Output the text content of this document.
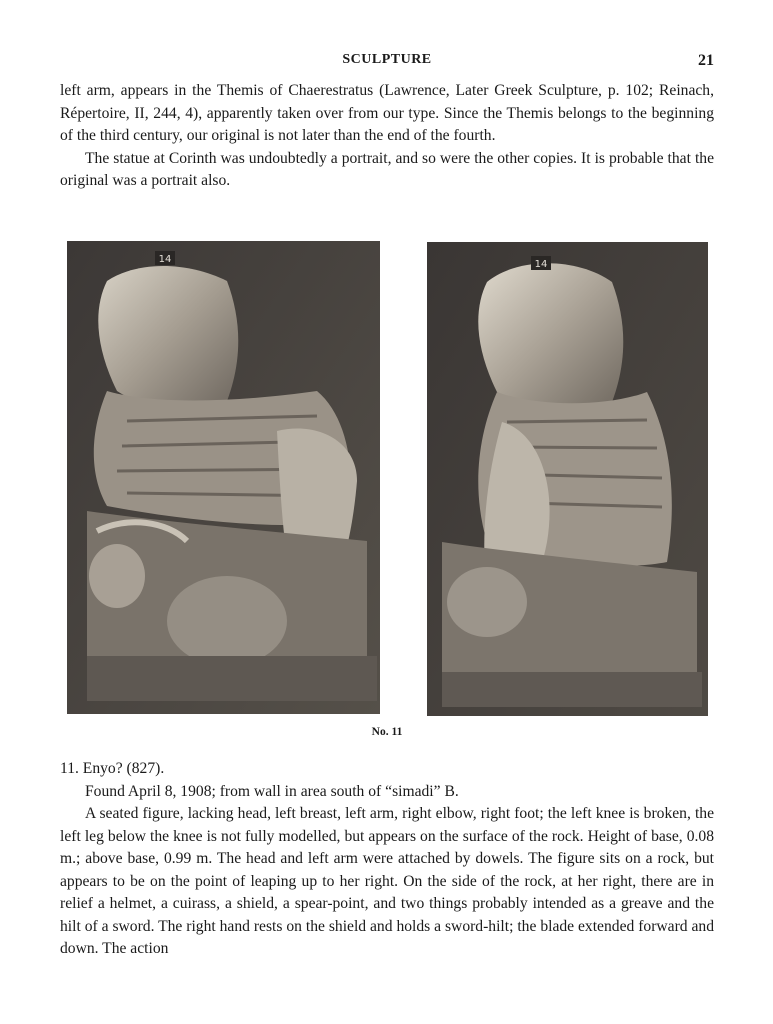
SCULPTURE	21

left arm, appears in the Themis of Chaerestratus (Lawrence, Later Greek Sculpture, p. 102; Reinach, Répertoire, II, 244, 4), apparently taken over from our type. Since the Themis belongs to the beginning of the third century, our original is not later than the end of the fourth.

The statue at Corinth was undoubtedly a portrait, and so were the other copies. It is probable that the original was a portrait also.

14	14
No. 11

11. Enyo? (827).

Found April 8, 1908; from wall in area south of “simadi” B.

A seated figure, lacking head, left breast, left arm, right elbow, right foot; the left knee is broken, the left leg below the knee is not fully modelled, but appears on the surface of the rock. Height of base, 0.08 m.; above base, 0.99 m. The head and left arm were attached by dowels. The figure sits on a rock, but appears to be on the point of leaping up to her right. On the side of the rock, at her right, there are in relief a helmet, a cuirass, a shield, a spear-point, and two things probably intended as a greave and the hilt of a sword. The right hand rests on the shield and holds a sword-hilt; the blade extended forward and down. The action
